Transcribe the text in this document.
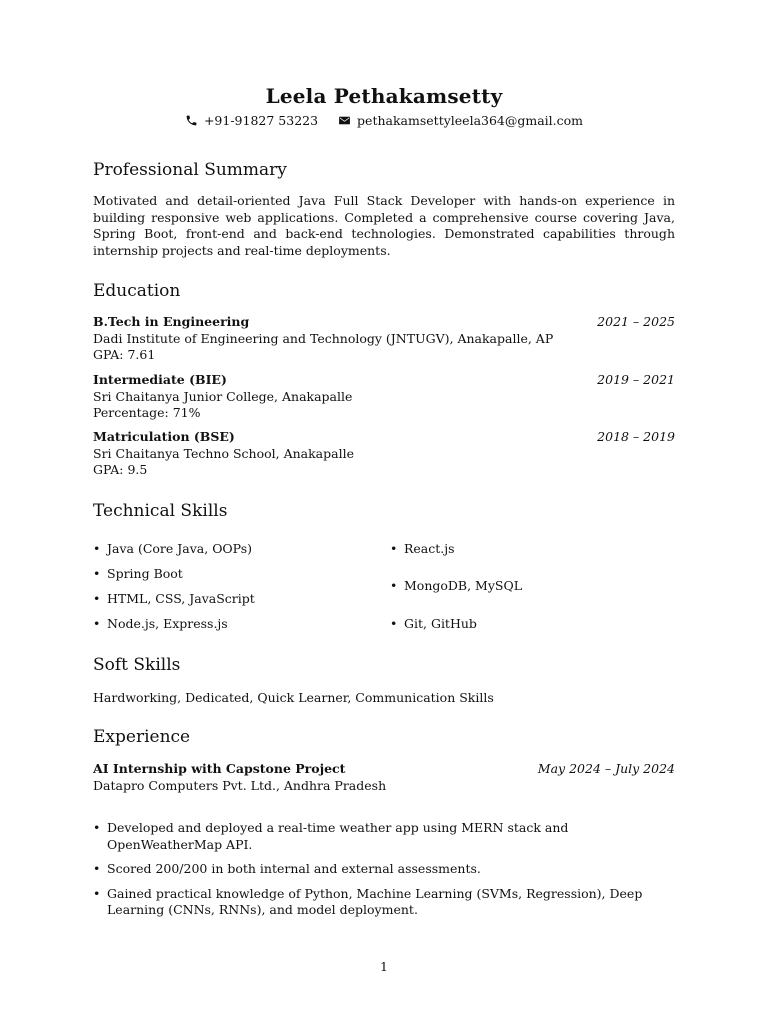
Leela Pethakamsetty
+91-91827 53223
	pethakamsettyleela364@gmail.com
Professional Summary
Motivated and detail-oriented Java Full Stack Developer with hands-on experience in building responsive web applications. Completed a comprehensive course covering Java, Spring Boot, front-end and back-end technologies. Demonstrated capabilities through internship projects and real-time deployments.
Education
B.Tech in Engineering	2021 – 2025
Dadi Institute of Engineering and Technology (JNTUGV), Anakapalle, AP
GPA: 7.61
Intermediate (BIE)	2019 – 2021
Sri Chaitanya Junior College, Anakapalle
Percentage: 71%
Matriculation (BSE)	2018 – 2019
Sri Chaitanya Techno School, Anakapalle
GPA: 9.5
Technical Skills
• Java (Core Java, OOPs)
• Spring Boot
• HTML, CSS, JavaScript
• Node.js, Express.js
• React.js
• MongoDB, MySQL
• Git, GitHub
Soft Skills
Hardworking, Dedicated, Quick Learner, Communication Skills
Experience
AI Internship with Capstone Project	May 2024 – July 2024
Datapro Computers Pvt. Ltd., Andhra Pradesh
• Developed and deployed a real-time weather app using MERN stack and OpenWeatherMap API.
• Scored 200/200 in both internal and external assessments.
• Gained practical knowledge of Python, Machine Learning (SVMs, Regression), Deep Learning (CNNs, RNNs), and model deployment.
1
